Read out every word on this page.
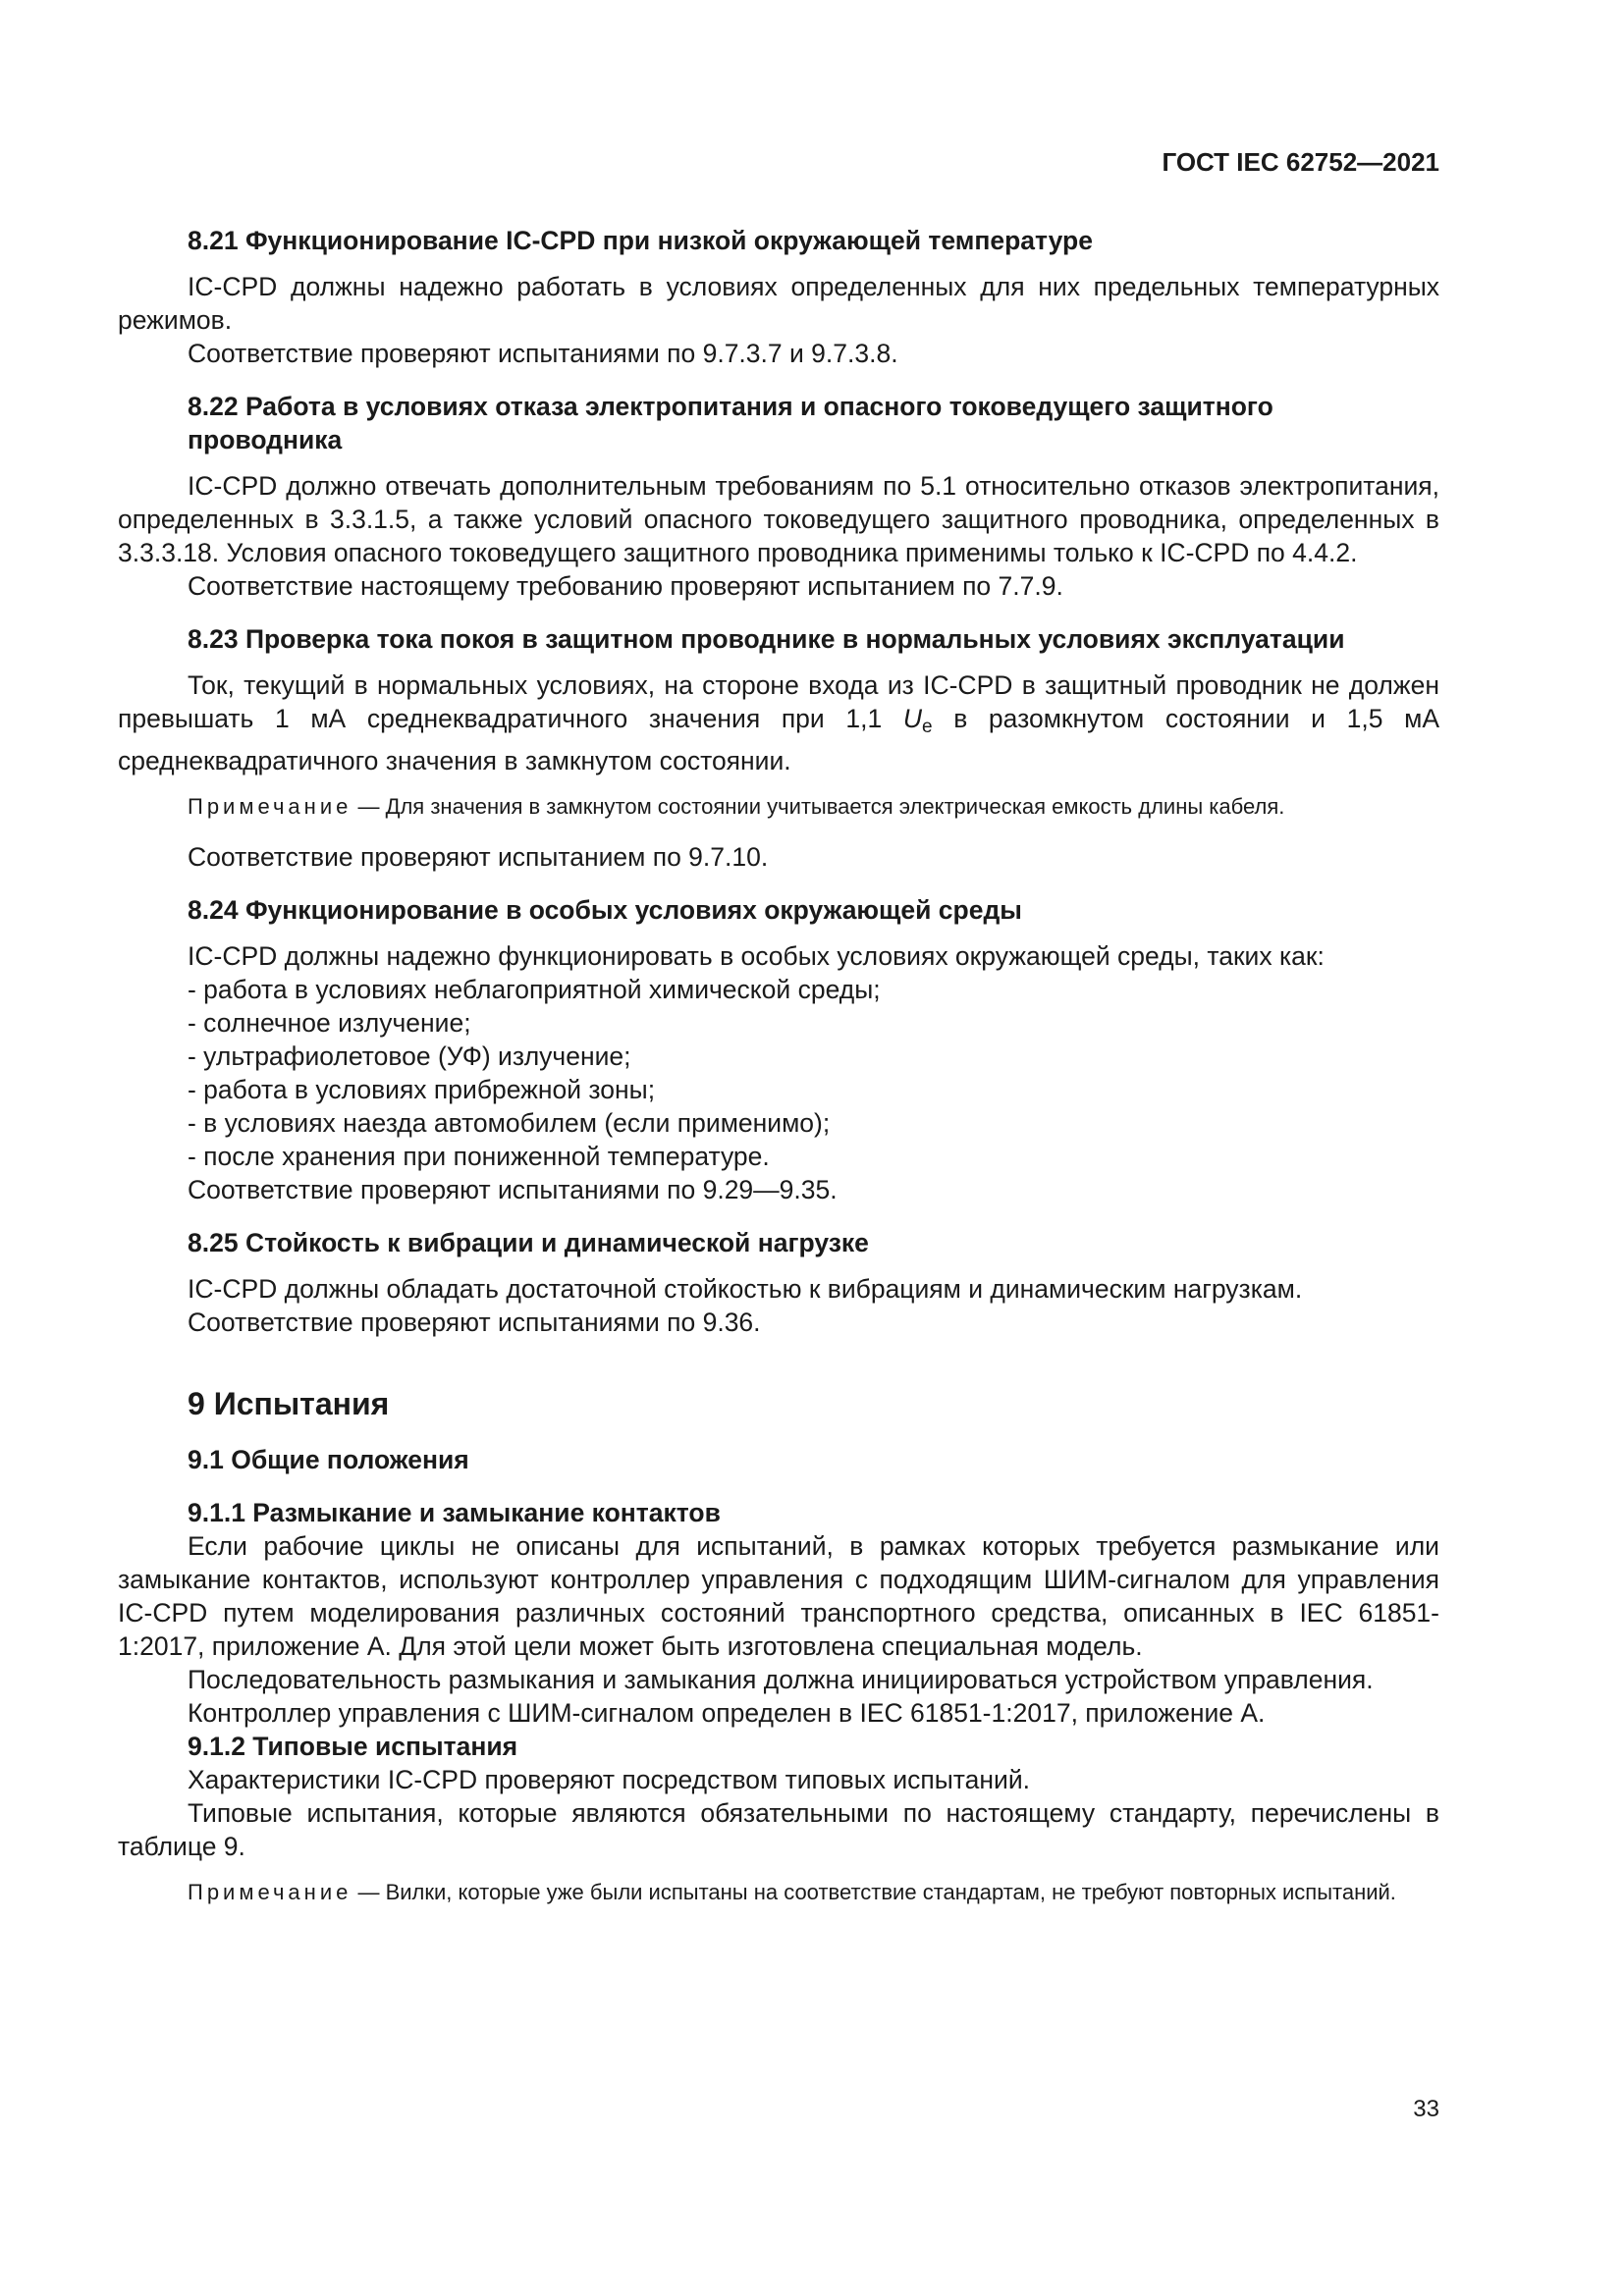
ГОСТ IEC 62752—2021

8.21 Функционирование IC-CPD при низкой окружающей температуре

IC-CPD должны надежно работать в условиях определенных для них предельных температурных режимов.

Соответствие проверяют испытаниями по 9.7.3.7 и 9.7.3.8.

8.22 Работа в условиях отказа электропитания и опасного токоведущего защитного проводника

IC-CPD должно отвечать дополнительным требованиям по 5.1 относительно отказов электропитания, определенных в 3.3.1.5, а также условий опасного токоведущего защитного проводника, определенных в 3.3.3.18. Условия опасного токоведущего защитного проводника применимы только к IC-CPD по 4.4.2.

Соответствие настоящему требованию проверяют испытанием по 7.7.9.

8.23 Проверка тока покоя в защитном проводнике в нормальных условиях эксплуатации

Ток, текущий в нормальных условиях, на стороне входа из IC-CPD в защитный проводник не должен превышать 1 мА среднеквадратичного значения при 1,1 $U_e$ в разомкнутом состоянии и 1,5 мА среднеквадратичного значения в замкнутом состоянии.

Примечание — Для значения в замкнутом состоянии учитывается электрическая емкость длины кабеля.

Соответствие проверяют испытанием по 9.7.10.

8.24 Функционирование в особых условиях окружающей среды

IC-CPD должны надежно функционировать в особых условиях окружающей среды, таких как:

- работа в условиях неблагоприятной химической среды;
- солнечное излучение;
- ультрафиолетовое (УФ) излучение;
- работа в условиях прибрежной зоны;
- в условиях наезда автомобилем (если применимо);
- после хранения при пониженной температуре.

Соответствие проверяют испытаниями по 9.29—9.35.

8.25 Стойкость к вибрации и динамической нагрузке

IC-CPD должны обладать достаточной стойкостью к вибрациям и динамическим нагрузкам.

Соответствие проверяют испытаниями по 9.36.

9 Испытания
9.1 Общие положения
9.1.1 Размыкание и замыкание контактов

Если рабочие циклы не описаны для испытаний, в рамках которых требуется размыкание или замыкание контактов, используют контроллер управления с подходящим ШИМ-сигналом для управления IC-CPD путем моделирования различных состояний транспортного средства, описанных в IEC 61851-1:2017, приложение А. Для этой цели может быть изготовлена специальная модель.

Последовательность размыкания и замыкания должна инициироваться устройством управления.

Контроллер управления с ШИМ-сигналом определен в IEC 61851-1:2017, приложение А.

9.1.2 Типовые испытания

Характеристики IC-CPD проверяют посредством типовых испытаний.

Типовые испытания, которые являются обязательными по настоящему стандарту, перечислены в таблице 9.

Примечание — Вилки, которые уже были испытаны на соответствие стандартам, не требуют повторных испытаний.

33
